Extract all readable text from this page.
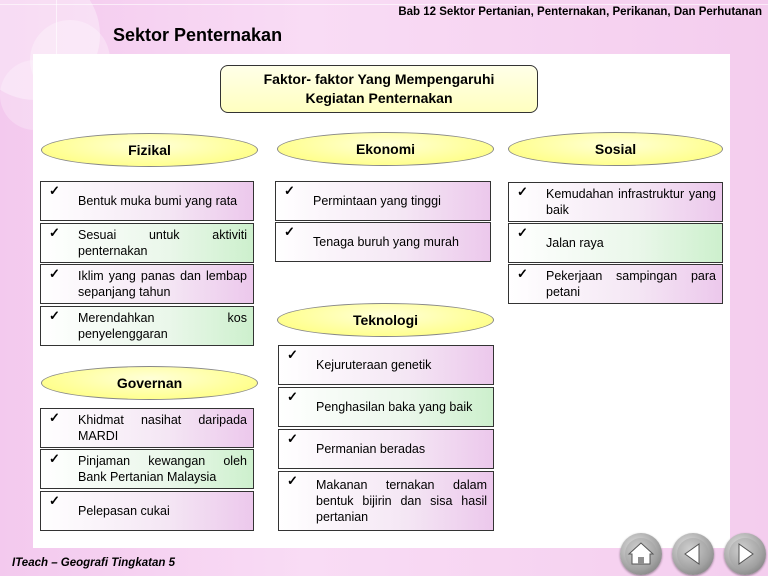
Bab 12 Sektor Pertanian, Penternakan, Perikanan, Dan Perhutanan
Sektor Penternakan
Faktor- faktor Yang Mempengaruhi
Kegiatan Penternakan
Fizikal	Ekonomi	Sosial
Governan
Teknologi
✓
Bentuk muka bumi yang rata
✓ Sesuai untuk aktiviti penternakan
✓ Iklim yang panas dan lembap sepanjang tahun
✓ Merendahkan kos penyelenggaran
✓
Permintaan yang tinggi
✓
Tenaga buruh yang murah
✓ Kemudahan infrastruktur yang baik
✓
Jalan raya
✓ Pekerjaan sampingan para petani
✓ Khidmat nasihat daripada MARDI
✓ Pinjaman kewangan oleh Bank Pertanian Malaysia
✓
Pelepasan cukai
✓
Kejuruteraan genetik
✓
Penghasilan baka yang baik
✓
Permanian beradas
✓ Makanan ternakan dalam bentuk bijirin dan sisa hasil pertanian
ITeach – Geografi Tingkatan 5
